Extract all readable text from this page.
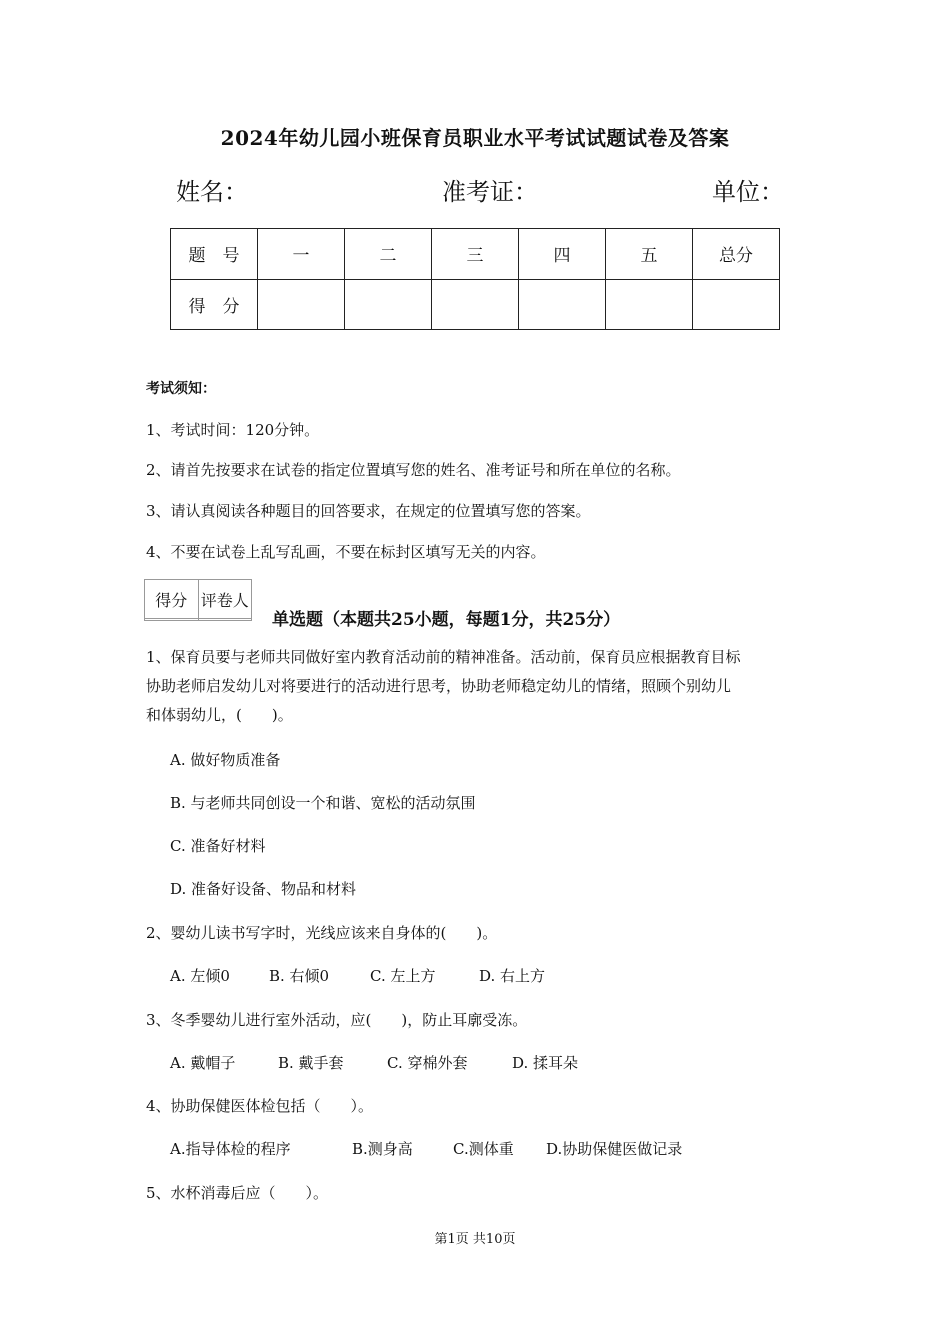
2024年幼儿园小班保育员职业水平考试试题试卷及答案
姓名：	准考证：	单位：
题　号	一	二	三	四	五	总分
得　分						
考试须知：
1、考试时间：120分钟。
2、请首先按要求在试卷的指定位置填写您的姓名、准考证号和所在单位的名称。
3、请认真阅读各种题目的回答要求，在规定的位置填写您的答案。
4、不要在试卷上乱写乱画，不要在标封区填写无关的内容。
得分	评卷人

单选题（本题共25小题，每题1分，共25分）
1、保育员要与老师共同做好室内教育活动前的精神准备。活动前，保育员应根据教育目标
协助老师启发幼儿对将要进行的活动进行思考，协助老师稳定幼儿的情绪，照顾个别幼儿
和体弱幼儿，(　　)。
A. 做好物质准备
B. 与老师共同创设一个和谐、宽松的活动氛围
C. 准备好材料
D. 准备好设备、物品和材料
2、婴幼儿读书写字时，光线应该来自身体的(　　)。
A. 左倾0	B. 右倾0	C. 左上方	D. 右上方
3、冬季婴幼儿进行室外活动，应(　　)，防止耳廓受冻。
A. 戴帽子	B. 戴手套	C. 穿棉外套	D. 揉耳朵
4、协助保健医体检包括（　　）。
A.指导体检的程序	B.测身高	C.测体重 D.协助保健医做记录
5、水杯消毒后应（　　）。
第1页 共10页
